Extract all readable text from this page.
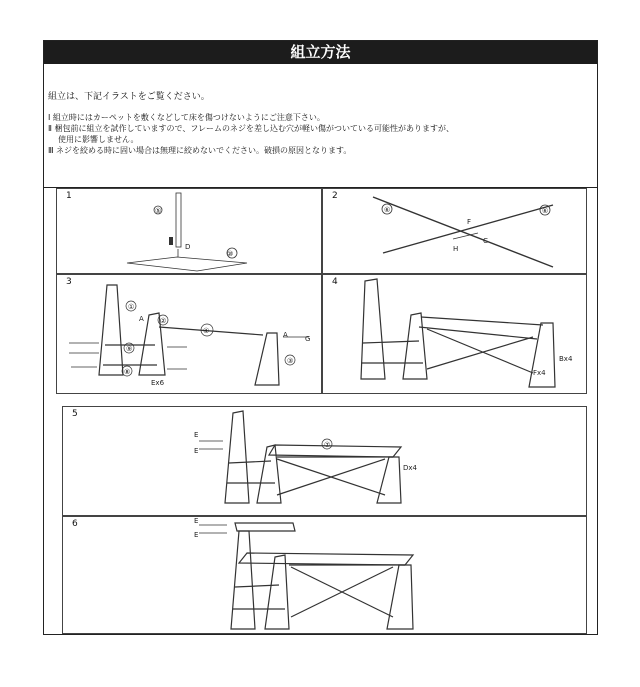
組立方法
組立は、下記イラストをご覧ください。
Ⅰ 組立時にはカーペットを敷くなどして床を傷つけないようにご注意下さい。
Ⅱ 梱包前に組立を試作していますので、フレームのネジを差し込む穴が軽い傷がついている可能性がありますが、
使用に影響しません。
Ⅲ ネジを絞める時に固い場合は無理に絞めないでください。破損の原因となります。
1
⑤
D
⑩
2
⑥	⑥
F
C
H
3
①
②
④
⑨
⑧
③
A
A G
Ex6
4
Bx4
Fx4
5
⑦
E
E
Dx4
6	E
E
